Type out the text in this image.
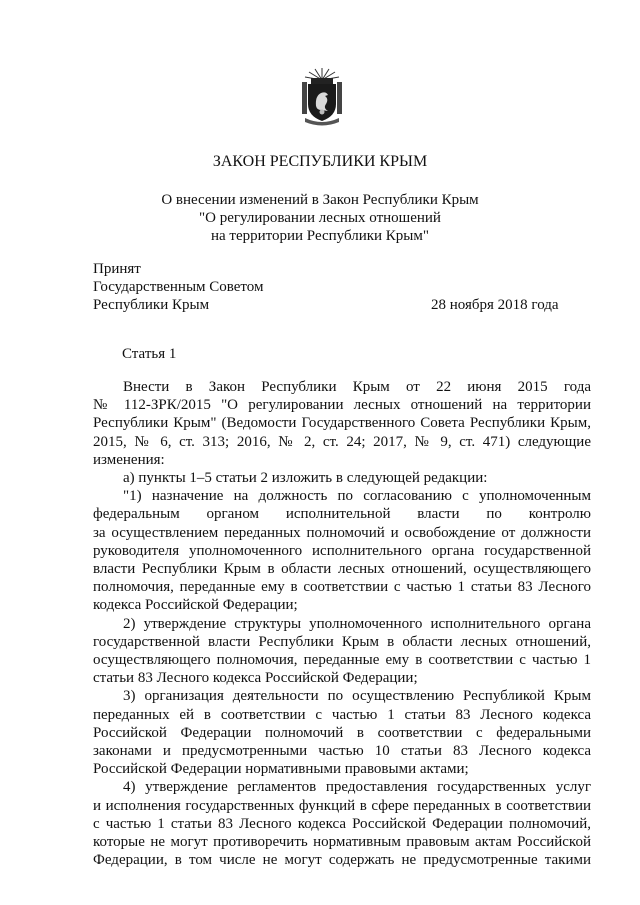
ЗАКОН РЕСПУБЛИКИ КРЫМ
О внесении изменений в Закон Республики Крым
"О регулировании лесных отношений
на территории Республики Крым"
Принят
Государственным Советом
Республики Крым	28 ноября 2018 года
Статья 1

Внести в Закон Республики Крым от 22 июня 2015 года

№ 112-ЗРК/2015 "О регулировании лесных отношений на территории

Республики Крым" (Ведомости Государственного Совета Республики Крым,

2015, № 6, ст. 313; 2016, № 2, ст. 24; 2017, № 9, ст. 471) следующие

изменения:

а) пункты 1–5 статьи 2 изложить в следующей редакции:

"1) назначение на должность по согласованию с уполномоченным

федеральным органом исполнительной власти по контролю

за осуществлением переданных полномочий и освобождение от должности

руководителя уполномоченного исполнительного органа государственной

власти Республики Крым в области лесных отношений, осуществляющего

полномочия, переданные ему в соответствии с частью 1 статьи 83 Лесного

кодекса Российской Федерации;

2) утверждение структуры уполномоченного исполнительного органа

государственной власти Республики Крым в области лесных отношений,

осуществляющего полномочия, переданные ему в соответствии с частью 1

статьи 83 Лесного кодекса Российской Федерации;

3) организация деятельности по осуществлению Республикой Крым

переданных ей в соответствии с частью 1 статьи 83 Лесного кодекса

Российской Федерации полномочий в соответствии с федеральными

законами и предусмотренными частью 10 статьи 83 Лесного кодекса

Российской Федерации нормативными правовыми актами;

4) утверждение регламентов предоставления государственных услуг

и исполнения государственных функций в сфере переданных в соответствии

с частью 1 статьи 83 Лесного кодекса Российской Федерации полномочий,

которые не могут противоречить нормативным правовым актам Российской

Федерации, в том числе не могут содержать не предусмотренные такими
